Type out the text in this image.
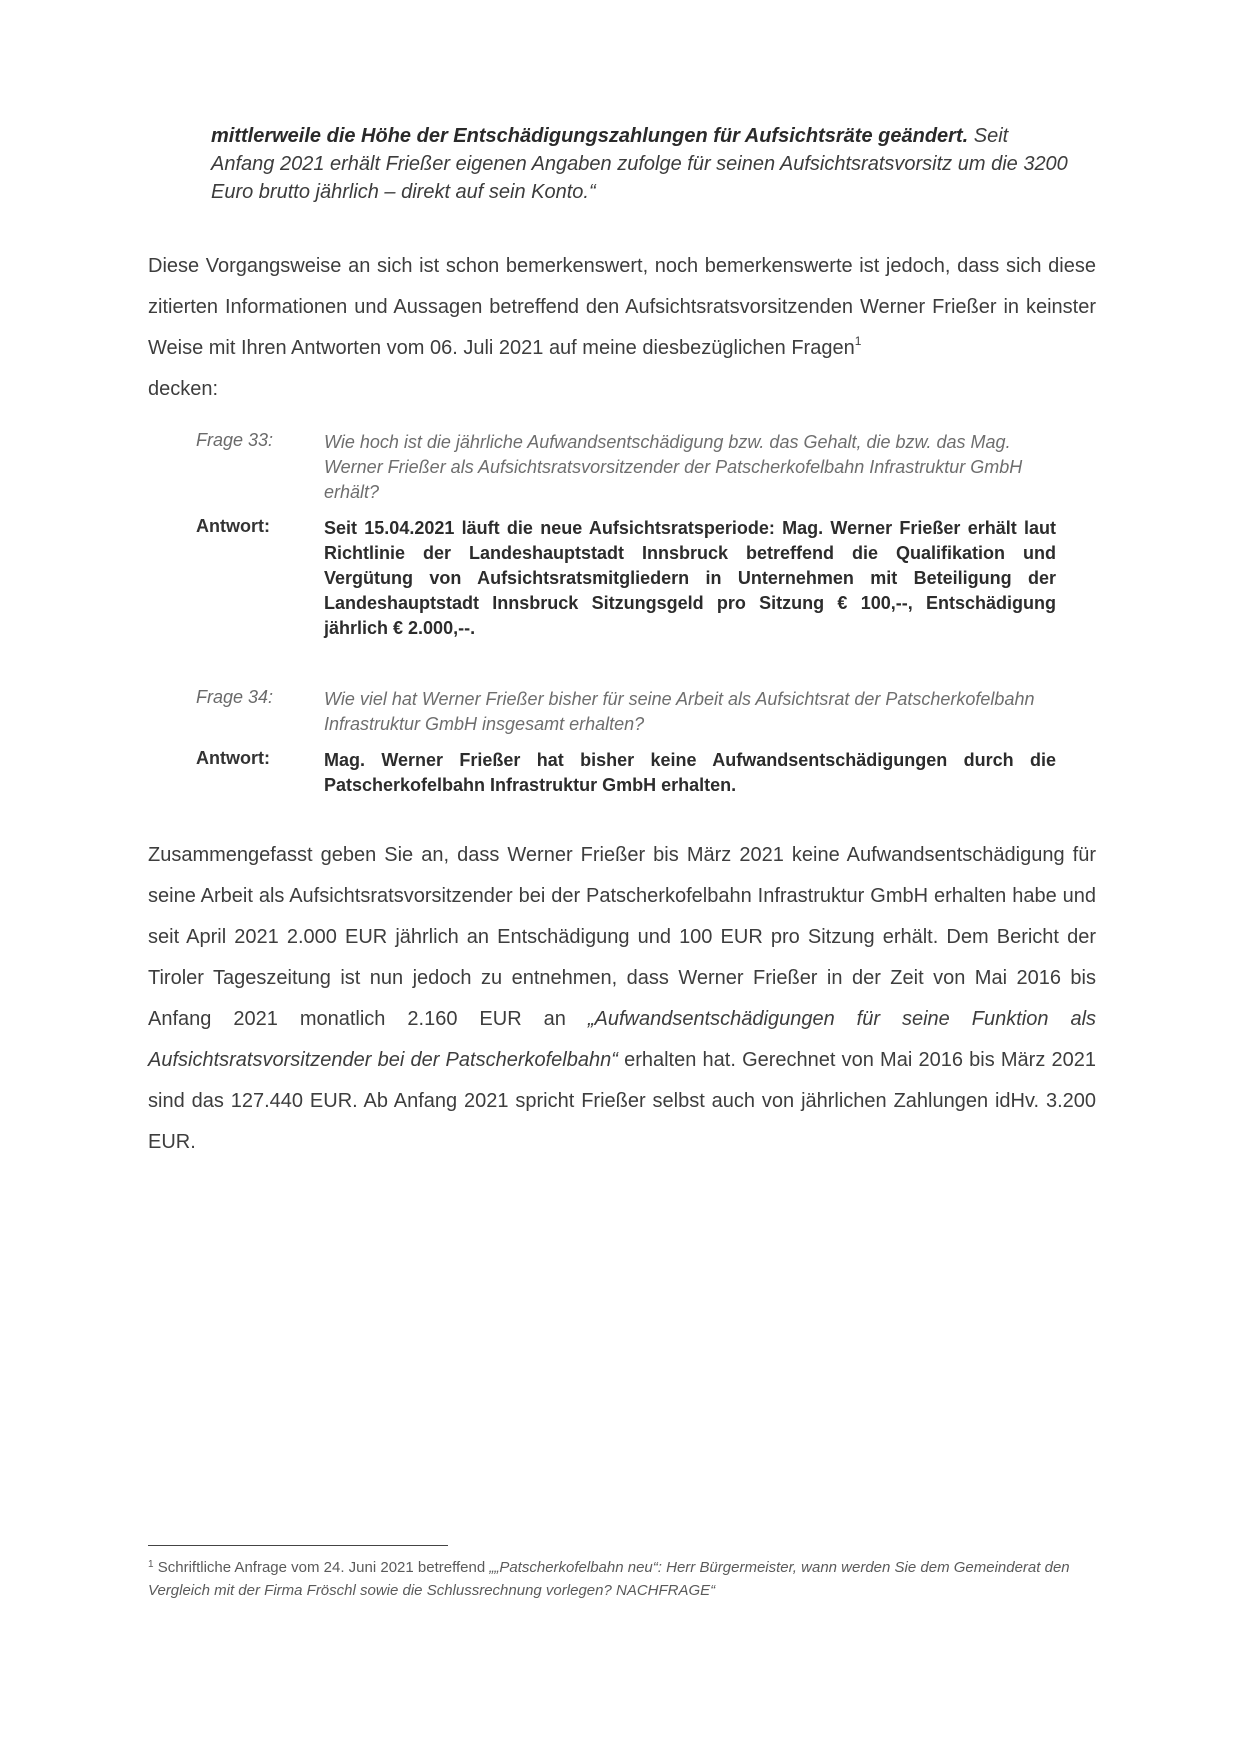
mittlerweile die Höhe der Entschädigungszahlungen für Aufsichtsräte geändert. Seit Anfang 2021 erhält Frießer eigenen Angaben zufolge für seinen Aufsichtsratsvorsitz um die 3200 Euro brutto jährlich – direkt auf sein Konto.“
Diese Vorgangsweise an sich ist schon bemerkenswert, noch bemerkenswerte ist jedoch, dass sich diese zitierten Informationen und Aussagen betreffend den Aufsichtsratsvorsitzenden Werner Frießer in keinster Weise mit Ihren Antworten vom 06. Juli 2021 auf meine diesbezüglichen Fragen$^1$
decken:
Frage 33:	Wie hoch ist die jährliche Aufwandsentschädigung bzw. das Gehalt, die bzw. das Mag. Werner Frießer als Aufsichtsratsvorsitzender der Patscherkofelbahn Infrastruktur GmbH erhält?
Antwort:	Seit 15.04.2021 läuft die neue Aufsichtsratsperiode: Mag. Werner Frießer erhält laut Richtlinie der Landeshauptstadt Innsbruck betreffend die Qualifikation und Vergütung von Aufsichtsratsmitgliedern in Unternehmen mit Beteiligung der Landeshauptstadt Innsbruck Sitzungsgeld pro Sitzung € 100,--, Entschädigung jährlich € 2.000,--.
Frage 34:	Wie viel hat Werner Frießer bisher für seine Arbeit als Aufsichtsrat der Patscherkofelbahn Infrastruktur GmbH insgesamt erhalten?
Antwort:	Mag. Werner Frießer hat bisher keine Aufwandsentschädigungen durch die Patscherkofelbahn Infrastruktur GmbH erhalten.
Zusammengefasst geben Sie an, dass Werner Frießer bis März 2021 keine Aufwandsentschädigung für seine Arbeit als Aufsichtsratsvorsitzender bei der Patscherkofelbahn Infrastruktur GmbH erhalten habe und seit April 2021 2.000 EUR jährlich an Entschädigung und 100 EUR pro Sitzung erhält. Dem Bericht der Tiroler Tageszeitung ist nun jedoch zu entnehmen, dass Werner Frießer in der Zeit von Mai 2016 bis Anfang 2021 monatlich 2.160 EUR an „Aufwandsentschädigungen für seine Funktion als Aufsichtsratsvorsitzender bei der Patscherkofelbahn“ erhalten hat. Gerechnet von Mai 2016 bis März 2021 sind das 127.440 EUR. Ab Anfang 2021 spricht Frießer selbst auch von jährlichen Zahlungen idHv. 3.200 EUR.
$^1$ Schriftliche Anfrage vom 24. Juni 2021 betreffend „„Patscherkofelbahn neu“: Herr Bürgermeister, wann werden Sie dem Gemeinderat den Vergleich mit der Firma Fröschl sowie die Schlussrechnung vorlegen? NACHFRAGE“
